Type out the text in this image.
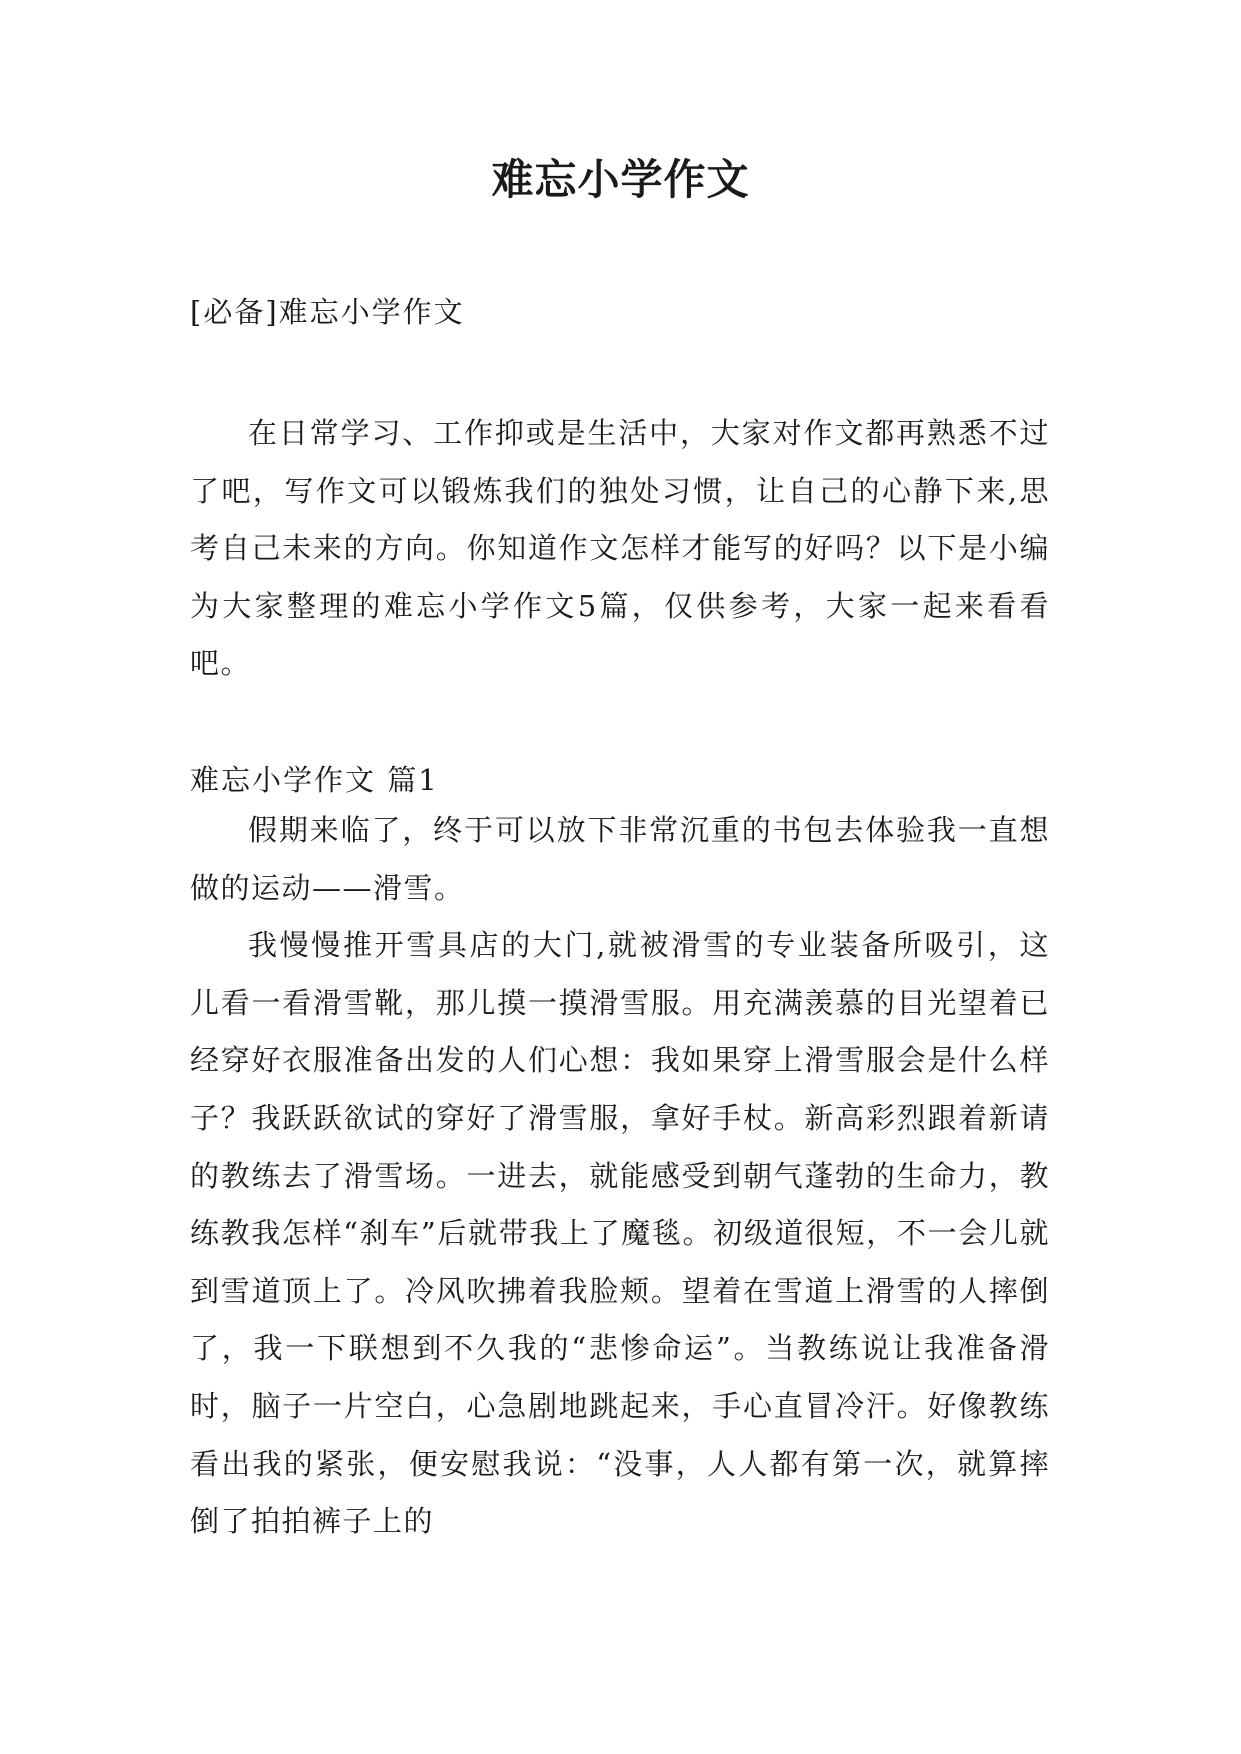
难忘小学作文
[必备]难忘小学作文

在日常学习、工作抑或是生活中，大家对作文都再熟悉不过了吧，写作文可以锻炼我们的独处习惯，让自己的心静下来,思考自己未来的方向。你知道作文怎样才能写的好吗？以下是小编为大家整理的难忘小学作文5篇，仅供参考，大家一起来看看吧。

难忘小学作文 篇1

假期来临了，终于可以放下非常沉重的书包去体验我一直想做的运动——滑雪。

我慢慢推开雪具店的大门,就被滑雪的专业装备所吸引，这儿看一看滑雪靴，那儿摸一摸滑雪服。用充满羡慕的目光望着已经穿好衣服准备出发的人们心想：我如果穿上滑雪服会是什么样子？我跃跃欲试的穿好了滑雪服，拿好手杖。新高彩烈跟着新请的教练去了滑雪场。一进去，就能感受到朝气蓬勃的生命力，教练教我怎样“刹车”后就带我上了魔毯。初级道很短，不一会儿就到雪道顶上了。冷风吹拂着我脸颊。望着在雪道上滑雪的人摔倒了，我一下联想到不久我的“悲惨命运”。当教练说让我准备滑时，脑子一片空白，心急剧地跳起来，手心直冒冷汗。好像教练看出我的紧张，便安慰我说：“没事，人人都有第一次，就算摔倒了拍拍裤子上的
